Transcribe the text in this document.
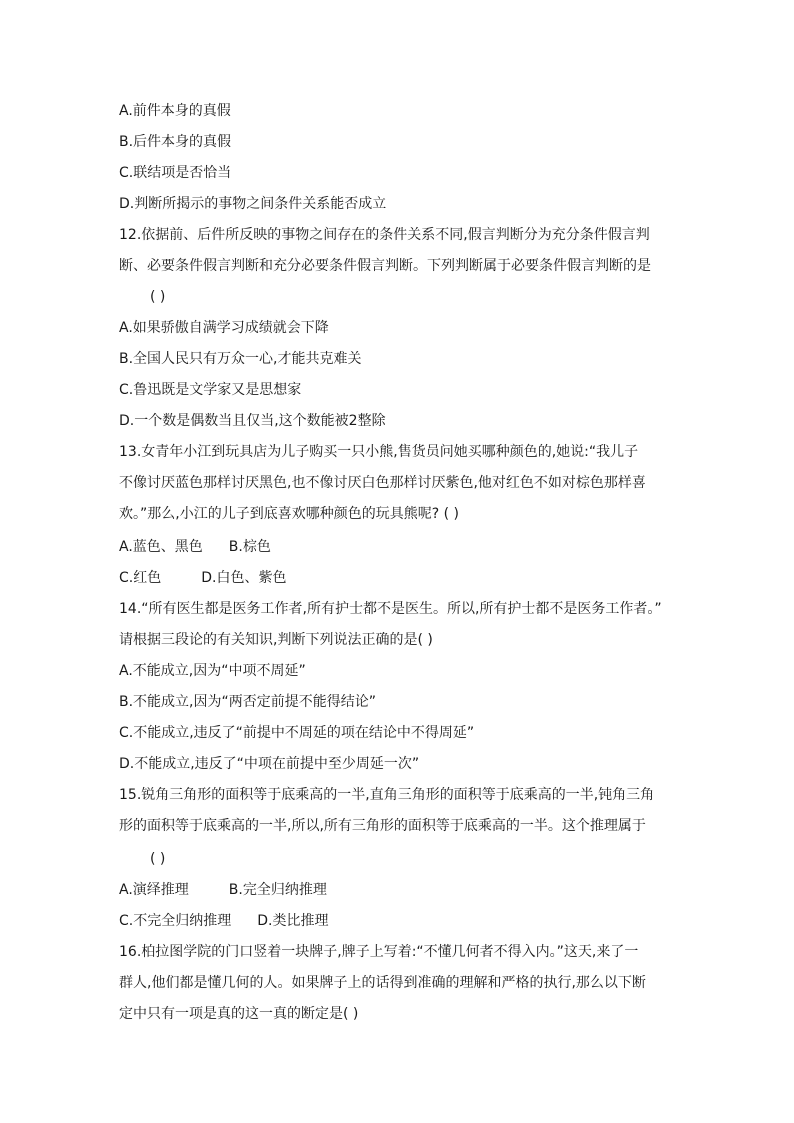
A.前件本身的真假
B.后件本身的真假
C.联结项是否恰当
D.判断所揭示的事物之间条件关系能否成立
12.依据前、后件所反映的事物之间存在的条件关系不同,假言判断分为充分条件假言判
断、必要条件假言判断和充分必要条件假言判断。下列判断属于必要条件假言判断的是
( )
A.如果骄傲自满学习成绩就会下降
B.全国人民只有万众一心,才能共克难关
C.鲁迅既是文学家又是思想家
D.一个数是偶数当且仅当,这个数能被2整除
13.女青年小江到玩具店为儿子购买一只小熊,售货员问她买哪种颜色的,她说:“我儿子
不像讨厌蓝色那样讨厌黑色,也不像讨厌白色那样讨厌紫色,他对红色不如对棕色那样喜
欢。”那么,小江的儿子到底喜欢哪种颜色的玩具熊呢? ( )
A.蓝色、黑色 B.棕色
C.红色	D.白色、紫色
14.“所有医生都是医务工作者,所有护士都不是医生。所以,所有护士都不是医务工作者。”
请根据三段论的有关知识,判断下列说法正确的是( )
A.不能成立,因为“中项不周延”
B.不能成立,因为“两否定前提不能得结论”
C.不能成立,违反了“前提中不周延的项在结论中不得周延”
D.不能成立,违反了“中项在前提中至少周延一次”
15.锐角三角形的面积等于底乘高的一半,直角三角形的面积等于底乘高的一半,钝角三角
形的面积等于底乘高的一半,所以,所有三角形的面积等于底乘高的一半。这个推理属于
( )
A.演绎推理	B.完全归纳推理
C.不完全归纳推理 D.类比推理
16.柏拉图学院的门口竖着一块牌子,牌子上写着:“不懂几何者不得入内。”这天,来了一
群人,他们都是懂几何的人。如果牌子上的话得到准确的理解和严格的执行,那么以下断
定中只有一项是真的这一真的断定是( )
